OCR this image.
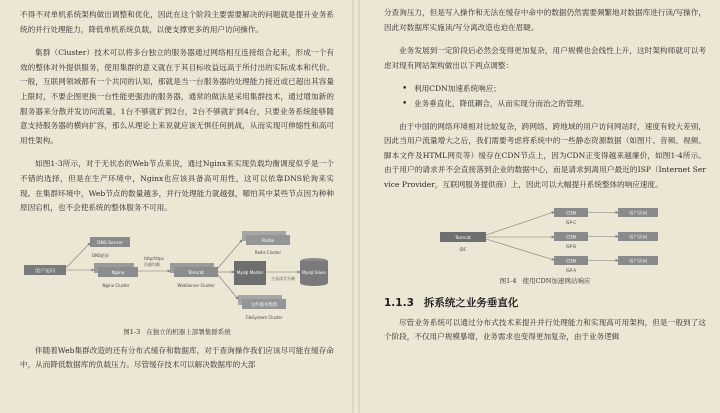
不得不对单机系统架构做出调整和优化，因此在这个阶段主要需要解决的问题就是提升业务系统的并行处理能力，降低单机系统负载，以便支撑更多的用户访问操作。

集群（Cluster）技术可以将多台独立的服务器通过网络相互连接组合起来，形成一个有效的整体对外提供服务，使用集群的意义就在于其目标收益远高于所付出的实际成本和代价。一般，互联网领域都有一个共同的认知，那就是当一台服务器的处理能力接近或已超出其容量上限时，不要企图更换一台性能更强劲的服务器，通常的做法是采用集群技术，通过增加新的服务器来分散并发访问流量，1台不够就扩到2台，2台不够就扩到4台，只要业务系统能够随意支持服务器的横向扩容，那么从理论上来说就应该无惧任何挑战，从而实现可伸缩性和高可用性架构。

如图1-3所示，对于无状态的Web节点来说，通过Nginx来实现负载均衡调度似乎是一个不错的选择，但是在生产环境中，Nginx也应该具备高可用性，这可以依靠DNS轮询来实现。在集群环境中，Web节点的数量越多，并行处理能力就越强，哪怕其中某些节点因为种种原因宕机，也不会使系统的整体服务不可用。

用户访问
DNS Server
DNS轮询
Nginx
Nginx Cluster
http/https
负载均衡
Tomcat
WebServer Cluster
Redis
Redis Cluster
Mysql Master
主从读写分离
Mysql Slave
文件服务集群
FileSystem Cluster
图1-3 在独立的机器上部署集群系统

伴随着Web集群改造的还有分布式缓存和数据库，对于查询操作我们应该尽可能在缓存命中，从而降低数据库的负载压力。尽管缓存技术可以解决数据库的大部

分查询压力，但是写入操作和无法在缓存中命中的数据仍然需要频繁地对数据库进行读/写操作，因此对数据库实施读/写分离改造也迫在眉睫。

业务发展到一定阶段后必然会变得更加复杂，用户规模也会线性上升，这时架构师就可以考虑对现有网站架构做出以下两点调整：

• 利用CDN加速系统响应；
• 业务垂直化，降低耦合，从而实现分而治之的管理。

由于中国的网络环境相对比较复杂，跨网络、跨地域的用户访问网站时，速度有较大差别，因此当用户流量增大之后，我们需要考虑将系统中的一些静态资源数据（如图片、音频、视频、脚本文件及HTML网页等）缓存在CDN节点上，因为CDN正变得越来越廉价，如图1-4所示。由于用户的请求并不会直接落到企业的数据中心，而是请求到离用户最近的ISP（Internet Service Provider，互联网服务提供商）上，因此可以大幅提升系统整体的响应速度。

Tomcat
IDC
CDN
ISP-C
CDN
ISP-B
CDN
ISP-A
用户访问
用户访问
用户访问
图1-4 使用CDN加速网站响应
1.1.3 拆系统之业务垂直化

尽管业务系统可以通过分布式技术来提升并行处理能力和实现高可用架构，但是一般到了这个阶段，不仅用户规模暴增，业务需求也变得更加复杂，由于业务逻辑
